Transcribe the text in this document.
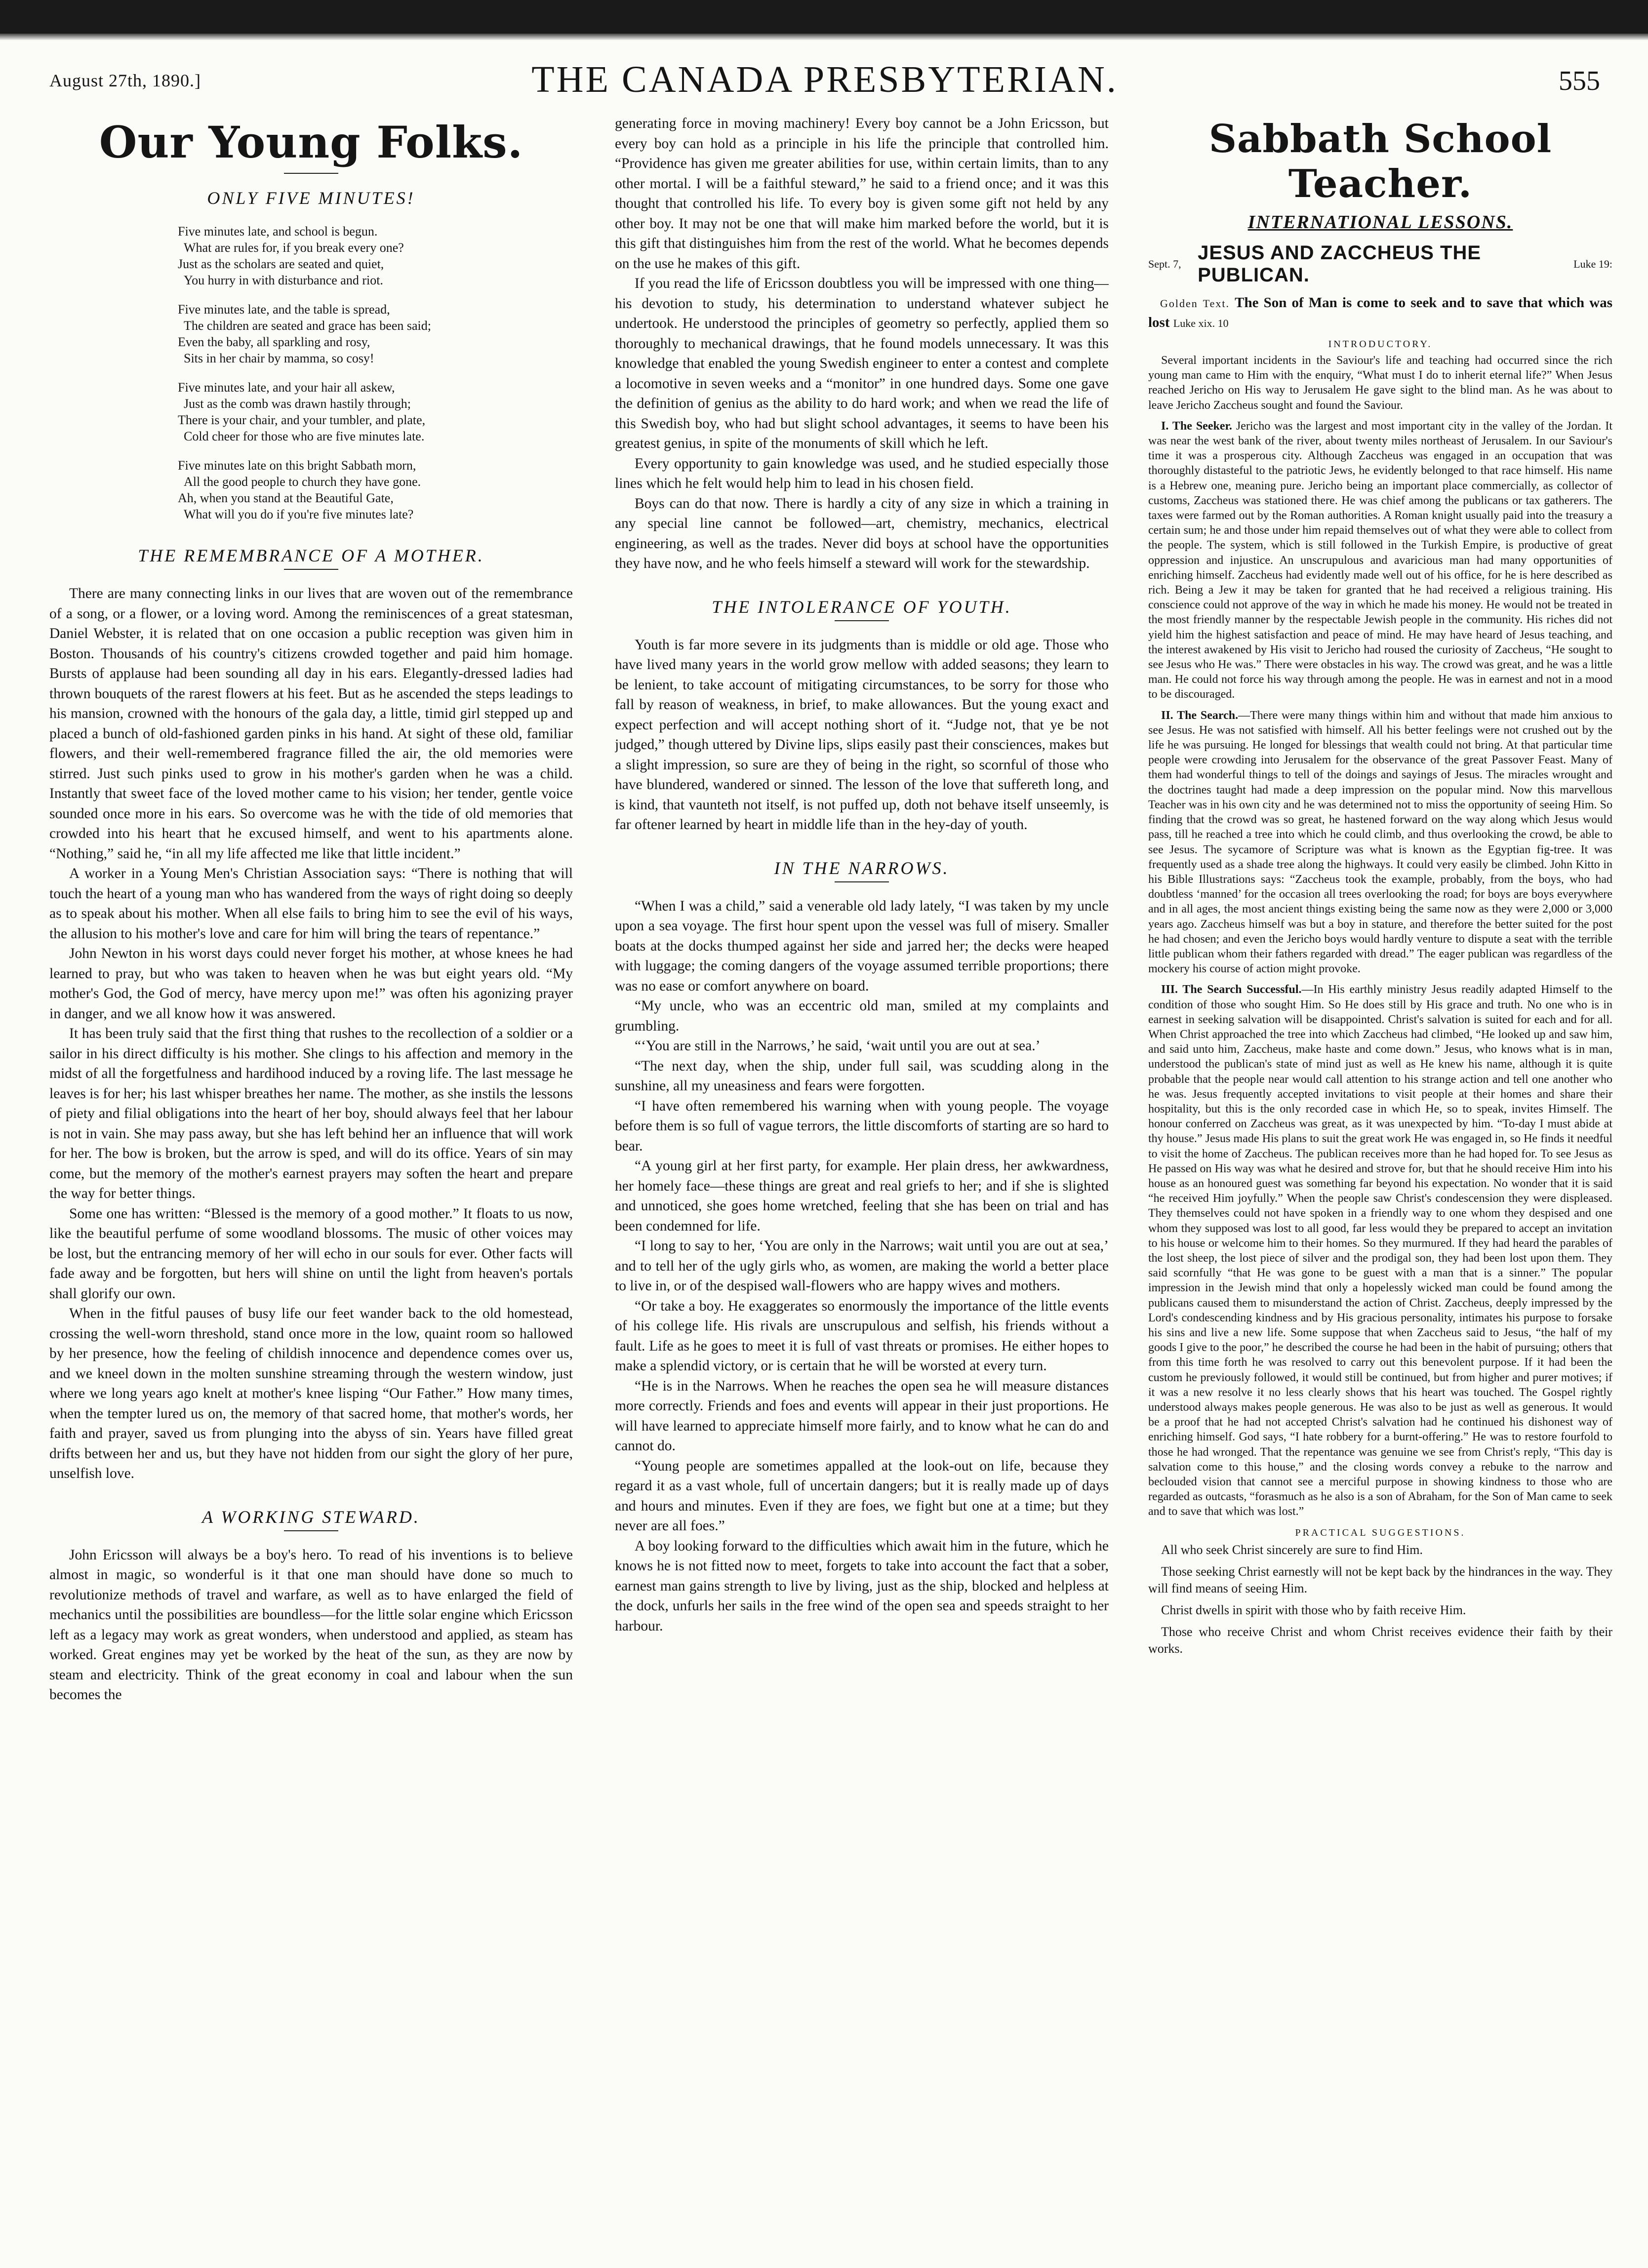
August 27th, 1890.]	THE CANADA PRESBYTERIAN.	555
Our Young Folks.
ONLY FIVE MINUTES!
Five minutes late, and school is begun.
What are rules for, if you break every one?
Just as the scholars are seated and quiet,
You hurry in with disturbance and riot.
Five minutes late, and the table is spread,
The children are seated and grace has been said;
Even the baby, all sparkling and rosy,
Sits in her chair by mamma, so cosy!
Five minutes late, and your hair all askew,
Just as the comb was drawn hastily through;
There is your chair, and your tumbler, and plate,
Cold cheer for those who are five minutes late.
Five minutes late on this bright Sabbath morn,
All the good people to church they have gone.
Ah, when you stand at the Beautiful Gate,
What will you do if you're five minutes late?
THE REMEMBRANCE OF A MOTHER.

There are many connecting links in our lives that are woven out of the remembrance of a song, or a flower, or a loving word. Among the reminiscences of a great statesman, Daniel Webster, it is related that on one occasion a public reception was given him in Boston. Thousands of his country's citizens crowded together and paid him homage. Bursts of applause had been sounding all day in his ears. Elegantly-dressed ladies had thrown bouquets of the rarest flowers at his feet. But as he ascended the steps leadings to his mansion, crowned with the honours of the gala day, a little, timid girl stepped up and placed a bunch of old-fashioned garden pinks in his hand. At sight of these old, familiar flowers, and their well-remembered fragrance filled the air, the old memories were stirred. Just such pinks used to grow in his mother's garden when he was a child. Instantly that sweet face of the loved mother came to his vision; her tender, gentle voice sounded once more in his ears. So overcome was he with the tide of old memories that crowded into his heart that he excused himself, and went to his apartments alone. “Nothing,” said he, “in all my life affected me like that little incident.”

A worker in a Young Men's Christian Association says: “There is nothing that will touch the heart of a young man who has wandered from the ways of right doing so deeply as to speak about his mother. When all else fails to bring him to see the evil of his ways, the allusion to his mother's love and care for him will bring the tears of repentance.”

John Newton in his worst days could never forget his mother, at whose knees he had learned to pray, but who was taken to heaven when he was but eight years old. “My mother's God, the God of mercy, have mercy upon me!” was often his agonizing prayer in danger, and we all know how it was answered.

It has been truly said that the first thing that rushes to the recollection of a soldier or a sailor in his direct difficulty is his mother. She clings to his affection and memory in the midst of all the forgetfulness and hardihood induced by a roving life. The last message he leaves is for her; his last whisper breathes her name. The mother, as she instils the lessons of piety and filial obligations into the heart of her boy, should always feel that her labour is not in vain. She may pass away, but she has left behind her an influence that will work for her. The bow is broken, but the arrow is sped, and will do its office. Years of sin may come, but the memory of the mother's earnest prayers may soften the heart and prepare the way for better things.

Some one has written: “Blessed is the memory of a good mother.” It floats to us now, like the beautiful perfume of some woodland blossoms. The music of other voices may be lost, but the entrancing memory of her will echo in our souls for ever. Other facts will fade away and be forgotten, but hers will shine on until the light from heaven's portals shall glorify our own.

When in the fitful pauses of busy life our feet wander back to the old homestead, crossing the well-worn threshold, stand once more in the low, quaint room so hallowed by her presence, how the feeling of childish innocence and dependence comes over us, and we kneel down in the molten sunshine streaming through the western window, just where we long years ago knelt at mother's knee lisping “Our Father.” How many times, when the tempter lured us on, the memory of that sacred home, that mother's words, her faith and prayer, saved us from plunging into the abyss of sin. Years have filled great drifts between her and us, but they have not hidden from our sight the glory of her pure, unselfish love.

A WORKING STEWARD.

John Ericsson will always be a boy's hero. To read of his inventions is to believe almost in magic, so wonderful is it that one man should have done so much to revolutionize methods of travel and warfare, as well as to have enlarged the field of mechanics until the possibilities are boundless—for the little solar engine which Ericsson left as a legacy may work as great wonders, when understood and applied, as steam has worked. Great engines may yet be worked by the heat of the sun, as they are now by steam and electricity. Think of the great economy in coal and labour when the sun becomes the

generating force in moving machinery! Every boy cannot be a John Ericsson, but every boy can hold as a principle in his life the principle that controlled him. “Providence has given me greater abilities for use, within certain limits, than to any other mortal. I will be a faithful steward,” he said to a friend once; and it was this thought that controlled his life. To every boy is given some gift not held by any other boy. It may not be one that will make him marked before the world, but it is this gift that distinguishes him from the rest of the world. What he becomes depends on the use he makes of this gift.

If you read the life of Ericsson doubtless you will be impressed with one thing—his devotion to study, his determination to understand whatever subject he undertook. He understood the principles of geometry so perfectly, applied them so thoroughly to mechanical drawings, that he found models unnecessary. It was this knowledge that enabled the young Swedish engineer to enter a contest and complete a locomotive in seven weeks and a “monitor” in one hundred days. Some one gave the definition of genius as the ability to do hard work; and when we read the life of this Swedish boy, who had but slight school advantages, it seems to have been his greatest genius, in spite of the monuments of skill which he left.

Every opportunity to gain knowledge was used, and he studied especially those lines which he felt would help him to lead in his chosen field.

Boys can do that now. There is hardly a city of any size in which a training in any special line cannot be followed—art, chemistry, mechanics, electrical engineering, as well as the trades. Never did boys at school have the opportunities they have now, and he who feels himself a steward will work for the stewardship.

THE INTOLERANCE OF YOUTH.

Youth is far more severe in its judgments than is middle or old age. Those who have lived many years in the world grow mellow with added seasons; they learn to be lenient, to take account of mitigating circumstances, to be sorry for those who fall by reason of weakness, in brief, to make allowances. But the young exact and expect perfection and will accept nothing short of it. “Judge not, that ye be not judged,” though uttered by Divine lips, slips easily past their consciences, makes but a slight impression, so sure are they of being in the right, so scornful of those who have blundered, wandered or sinned. The lesson of the love that suffereth long, and is kind, that vaunteth not itself, is not puffed up, doth not behave itself unseemly, is far oftener learned by heart in middle life than in the hey-day of youth.

IN THE NARROWS.

“When I was a child,” said a venerable old lady lately, “I was taken by my uncle upon a sea voyage. The first hour spent upon the vessel was full of misery. Smaller boats at the docks thumped against her side and jarred her; the decks were heaped with luggage; the coming dangers of the voyage assumed terrible proportions; there was no ease or comfort anywhere on board.

“My uncle, who was an eccentric old man, smiled at my complaints and grumbling.

“‘You are still in the Narrows,’ he said, ‘wait until you are out at sea.’

“The next day, when the ship, under full sail, was scudding along in the sunshine, all my uneasiness and fears were forgotten.

“I have often remembered his warning when with young people. The voyage before them is so full of vague terrors, the little discomforts of starting are so hard to bear.

“A young girl at her first party, for example. Her plain dress, her awkwardness, her homely face—these things are great and real griefs to her; and if she is slighted and unnoticed, she goes home wretched, feeling that she has been on trial and has been condemned for life.

“I long to say to her, ‘You are only in the Narrows; wait until you are out at sea,’ and to tell her of the ugly girls who, as women, are making the world a better place to live in, or of the despised wall-flowers who are happy wives and mothers.

“Or take a boy. He exaggerates so enormously the importance of the little events of his college life. His rivals are unscrupulous and selfish, his friends without a fault. Life as he goes to meet it is full of vast threats or promises. He either hopes to make a splendid victory, or is certain that he will be worsted at every turn.

“He is in the Narrows. When he reaches the open sea he will measure distances more correctly. Friends and foes and events will appear in their just proportions. He will have learned to appreciate himself more fairly, and to know what he can do and cannot do.

“Young people are sometimes appalled at the look-out on life, because they regard it as a vast whole, full of uncertain dangers; but it is really made up of days and hours and minutes. Even if they are foes, we fight but one at a time; but they never are all foes.”

A boy looking forward to the difficulties which await him in the future, which he knows he is not fitted now to meet, forgets to take into account the fact that a sober, earnest man gains strength to live by living, just as the ship, blocked and helpless at the dock, unfurls her sails in the free wind of the open sea and speeds straight to her harbour.

Sabbath School Teacher.
INTERNATIONAL LESSONS.
Sept. 7,
JESUS AND ZACCHEUS THE PUBLICAN.
Luke 19:
Golden Text. The Son of Man is come to seek and to save that which was lost Luke xix. 10
INTRODUCTORY.

Several important incidents in the Saviour's life and teaching had occurred since the rich young man came to Him with the enquiry, “What must I do to inherit eternal life?” When Jesus reached Jericho on His way to Jerusalem He gave sight to the blind man. As he was about to leave Jericho Zaccheus sought and found the Saviour.

I. The Seeker. Jericho was the largest and most important city in the valley of the Jordan. It was near the west bank of the river, about twenty miles northeast of Jerusalem. In our Saviour's time it was a prosperous city. Although Zaccheus was engaged in an occupation that was thoroughly distasteful to the patriotic Jews, he evidently belonged to that race himself. His name is a Hebrew one, meaning pure. Jericho being an important place commercially, as collector of customs, Zaccheus was stationed there. He was chief among the publicans or tax gatherers. The taxes were farmed out by the Roman authorities. A Roman knight usually paid into the treasury a certain sum; he and those under him repaid themselves out of what they were able to collect from the people. The system, which is still followed in the Turkish Empire, is productive of great oppression and injustice. An unscrupulous and avaricious man had many opportunities of enriching himself. Zaccheus had evidently made well out of his office, for he is here described as rich. Being a Jew it may be taken for granted that he had received a religious training. His conscience could not approve of the way in which he made his money. He would not be treated in the most friendly manner by the respectable Jewish people in the community. His riches did not yield him the highest satisfaction and peace of mind. He may have heard of Jesus teaching, and the interest awakened by His visit to Jericho had roused the curiosity of Zaccheus, “He sought to see Jesus who He was.” There were obstacles in his way. The crowd was great, and he was a little man. He could not force his way through among the people. He was in earnest and not in a mood to be discouraged.

II. The Search.—There were many things within him and without that made him anxious to see Jesus. He was not satisfied with himself. All his better feelings were not crushed out by the life he was pursuing. He longed for blessings that wealth could not bring. At that particular time people were crowding into Jerusalem for the observance of the great Passover Feast. Many of them had wonderful things to tell of the doings and sayings of Jesus. The miracles wrought and the doctrines taught had made a deep impression on the popular mind. Now this marvellous Teacher was in his own city and he was determined not to miss the opportunity of seeing Him. So finding that the crowd was so great, he hastened forward on the way along which Jesus would pass, till he reached a tree into which he could climb, and thus overlooking the crowd, be able to see Jesus. The sycamore of Scripture was what is known as the Egyptian fig-tree. It was frequently used as a shade tree along the highways. It could very easily be climbed. John Kitto in his Bible Illustrations says: “Zaccheus took the example, probably, from the boys, who had doubtless ‘manned’ for the occasion all trees overlooking the road; for boys are boys everywhere and in all ages, the most ancient things existing being the same now as they were 2,000 or 3,000 years ago. Zaccheus himself was but a boy in stature, and therefore the better suited for the post he had chosen; and even the Jericho boys would hardly venture to dispute a seat with the terrible little publican whom their fathers regarded with dread.” The eager publican was regardless of the mockery his course of action might provoke.

III. The Search Successful.—In His earthly ministry Jesus readily adapted Himself to the condition of those who sought Him. So He does still by His grace and truth. No one who is in earnest in seeking salvation will be disappointed. Christ's salvation is suited for each and for all. When Christ approached the tree into which Zaccheus had climbed, “He looked up and saw him, and said unto him, Zaccheus, make haste and come down.” Jesus, who knows what is in man, understood the publican's state of mind just as well as He knew his name, although it is quite probable that the people near would call attention to his strange action and tell one another who he was. Jesus frequently accepted invitations to visit people at their homes and share their hospitality, but this is the only recorded case in which He, so to speak, invites Himself. The honour conferred on Zaccheus was great, as it was unexpected by him. “To-day I must abide at thy house.” Jesus made His plans to suit the great work He was engaged in, so He finds it needful to visit the home of Zaccheus. The publican receives more than he had hoped for. To see Jesus as He passed on His way was what he desired and strove for, but that he should receive Him into his house as an honoured guest was something far beyond his expectation. No wonder that it is said “he received Him joyfully.” When the people saw Christ's condescension they were displeased. They themselves could not have spoken in a friendly way to one whom they despised and one whom they supposed was lost to all good, far less would they be prepared to accept an invitation to his house or welcome him to their homes. So they murmured. If they had heard the parables of the lost sheep, the lost piece of silver and the prodigal son, they had been lost upon them. They said scornfully “that He was gone to be guest with a man that is a sinner.” The popular impression in the Jewish mind that only a hopelessly wicked man could be found among the publicans caused them to misunderstand the action of Christ. Zaccheus, deeply impressed by the Lord's condescending kindness and by His gracious personality, intimates his purpose to forsake his sins and live a new life. Some suppose that when Zaccheus said to Jesus, “the half of my goods I give to the poor,” he described the course he had been in the habit of pursuing; others that from this time forth he was resolved to carry out this benevolent purpose. If it had been the custom he previously followed, it would still be continued, but from higher and purer motives; if it was a new resolve it no less clearly shows that his heart was touched. The Gospel rightly understood always makes people generous. He was also to be just as well as generous. It would be a proof that he had not accepted Christ's salvation had he continued his dishonest way of enriching himself. God says, “I hate robbery for a burnt-offering.” He was to restore fourfold to those he had wronged. That the repentance was genuine we see from Christ's reply, “This day is salvation come to this house,” and the closing words convey a rebuke to the narrow and beclouded vision that cannot see a merciful purpose in showing kindness to those who are regarded as outcasts, “forasmuch as he also is a son of Abraham, for the Son of Man came to seek and to save that which was lost.”

PRACTICAL SUGGESTIONS.

All who seek Christ sincerely are sure to find Him.

Those seeking Christ earnestly will not be kept back by the hindrances in the way. They will find means of seeing Him.

Christ dwells in spirit with those who by faith receive Him.

Those who receive Christ and whom Christ receives evidence their faith by their works.
